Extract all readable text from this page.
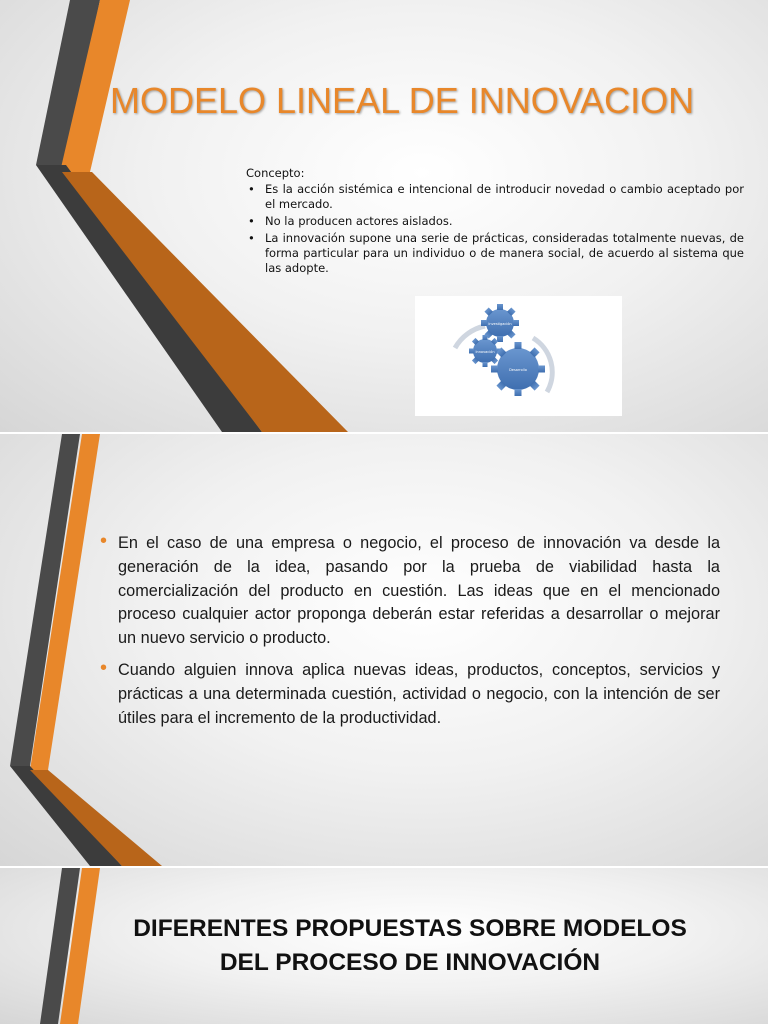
MODELO LINEAL DE INNOVACION
Concepto:
• Es la acción sistémica e intencional de introducir novedad o cambio aceptado por el mercado.
• No la producen actores aislados.
• La innovación supone una serie de prácticas, consideradas totalmente nuevas, de forma particular para un individuo o de manera social, de acuerdo al sistema que las adopte.
Investigación
Innovación
Desarrollo
• En el caso de una empresa o negocio, el proceso de innovación va desde la generación de la idea, pasando por la prueba de viabilidad hasta la comercialización del producto en cuestión. Las ideas que en el mencionado proceso cualquier actor proponga deberán estar referidas a desarrollar o mejorar un nuevo servicio o producto.
• Cuando alguien innova aplica nuevas ideas, productos, conceptos, servicios y prácticas a una determinada cuestión, actividad o negocio, con la intención de ser útiles para el incremento de la productividad.
DIFERENTES PROPUESTAS SOBRE MODELOS
DEL PROCESO DE INNOVACIÓN
